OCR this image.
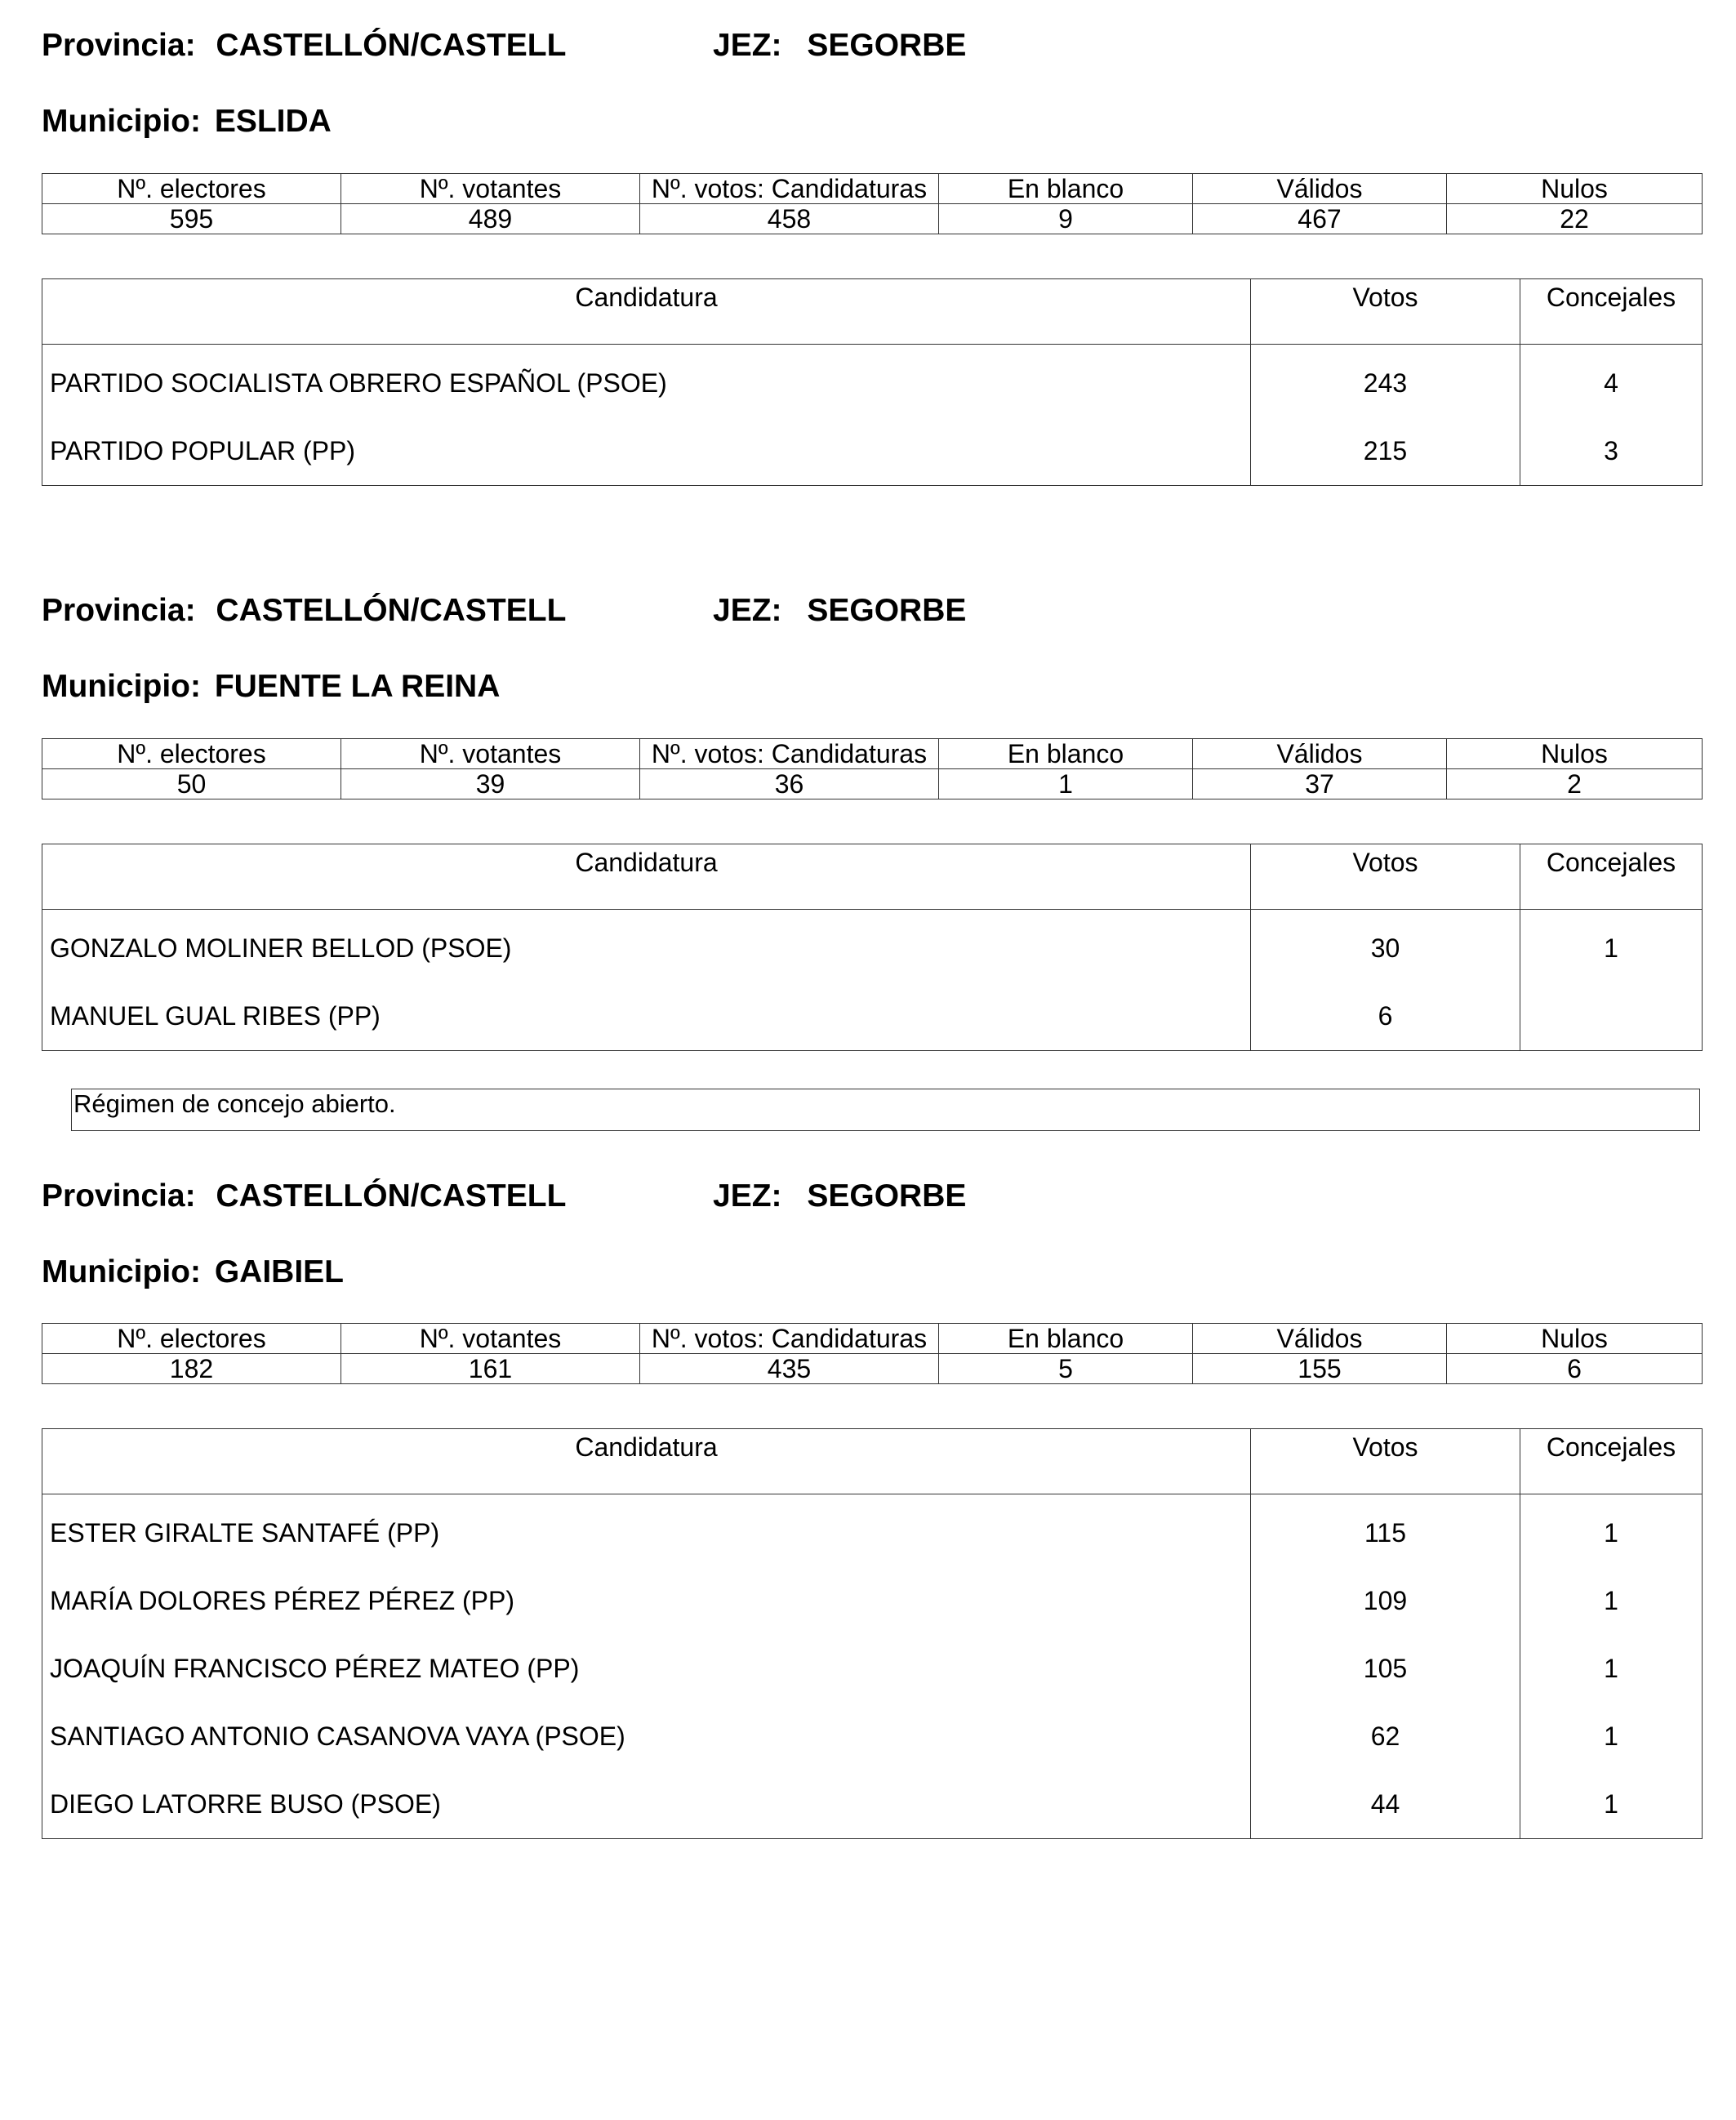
Provincia: CASTELLÓN/CASTELL	JEZ: SEGORBE
Municipio: ESLIDA
Nº. electores	Nº. votantes	Nº. votos: Candidaturas	En blanco	Válidos	Nulos
595	489	458	9	467	22
Candidatura	Votos	Concejales
PARTIDO SOCIALISTA OBRERO ESPAÑOL (PSOE)	243	4
PARTIDO POPULAR (PP)	215	3
Provincia: CASTELLÓN/CASTELL	JEZ: SEGORBE
Municipio: FUENTE LA REINA
Nº. electores	Nº. votantes	Nº. votos: Candidaturas	En blanco	Válidos	Nulos
50	39	36	1	37	2
Candidatura	Votos	Concejales
GONZALO MOLINER BELLOD (PSOE)	30	1
MANUEL GUAL RIBES (PP)	6	
Régimen de concejo abierto.
Provincia: CASTELLÓN/CASTELL	JEZ: SEGORBE
Municipio: GAIBIEL
Nº. electores	Nº. votantes	Nº. votos: Candidaturas	En blanco	Válidos	Nulos
182	161	435	5	155	6
Candidatura	Votos	Concejales
ESTER GIRALTE SANTAFÉ (PP)	115	1
MARÍA DOLORES PÉREZ PÉREZ (PP)	109	1
JOAQUÍN FRANCISCO PÉREZ MATEO (PP)	105	1
SANTIAGO ANTONIO CASANOVA VAYA (PSOE)	62	1
DIEGO LATORRE BUSO (PSOE)	44	1
